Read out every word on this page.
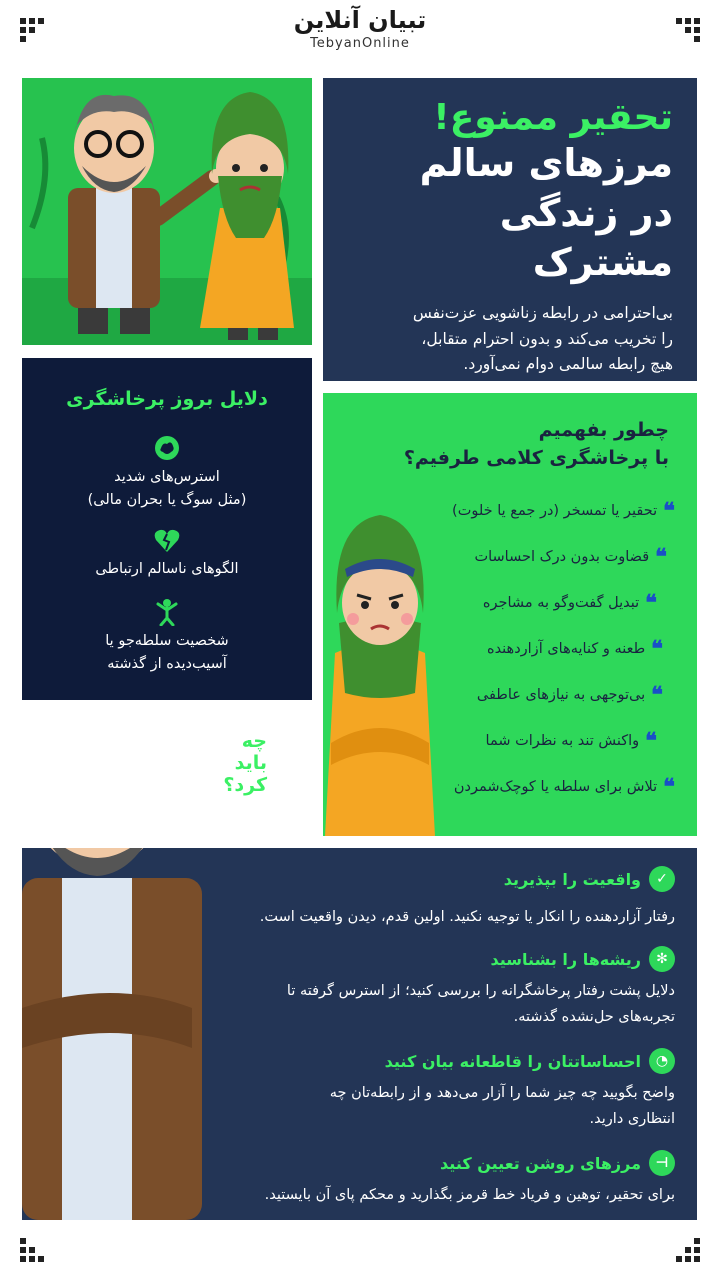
تبیان آنلاین
TebyanOnline
تحقیر ممنوع!
مرزهای سالم
در زندگی مشترک
بی‌احترامی در رابطه زناشویی عزت‌نفس
را تخریب می‌کند و بدون احترام متقابل،
هیچ رابطه سالمی دوام نمی‌آورد.
دلایل بروز پرخاشگری
استرس‌های شدید
(مثل سوگ یا بحران مالی)
الگوهای ناسالم ارتباطی
شخصیت سلطه‌جو یا
آسیب‌دیده از گذشته
چطور بفهمیم
با پرخاشگری کلامی طرفیم؟
❝
تحقیر یا تمسخر (در جمع یا خلوت)
❝
قضاوت بدون درک احساسات
❝
تبدیل گفت‌وگو به مشاجره
❝
طعنه و کنایه‌های آزاردهنده
❝
بی‌توجهی به نیازهای عاطفی
❝
واکنش تند به نظرات شما
❝
تلاش برای سلطه یا کوچک‌شمردن
چه
باید
کرد؟
✓
واقعیت را بپذیرید
رفتار آزاردهنده را انکار یا توجیه نکنید. اولین قدم، دیدن واقعیت است.
✻
ریشه‌ها را بشناسید
دلایل پشت رفتار پرخاشگرانه را بررسی کنید؛ از استرس گرفته تا
تجربه‌های حل‌نشده گذشته.
◔
احساساتتان را قاطعانه بیان کنید
واضح بگویید چه چیز شما را آزار می‌دهد و از رابطه‌تان چه
انتظاری دارید.
⊢
مرزهای روشن تعیین کنید
برای تحقیر، توهین و فریاد خط قرمز بگذارید و محکم پای آن بایستید.
